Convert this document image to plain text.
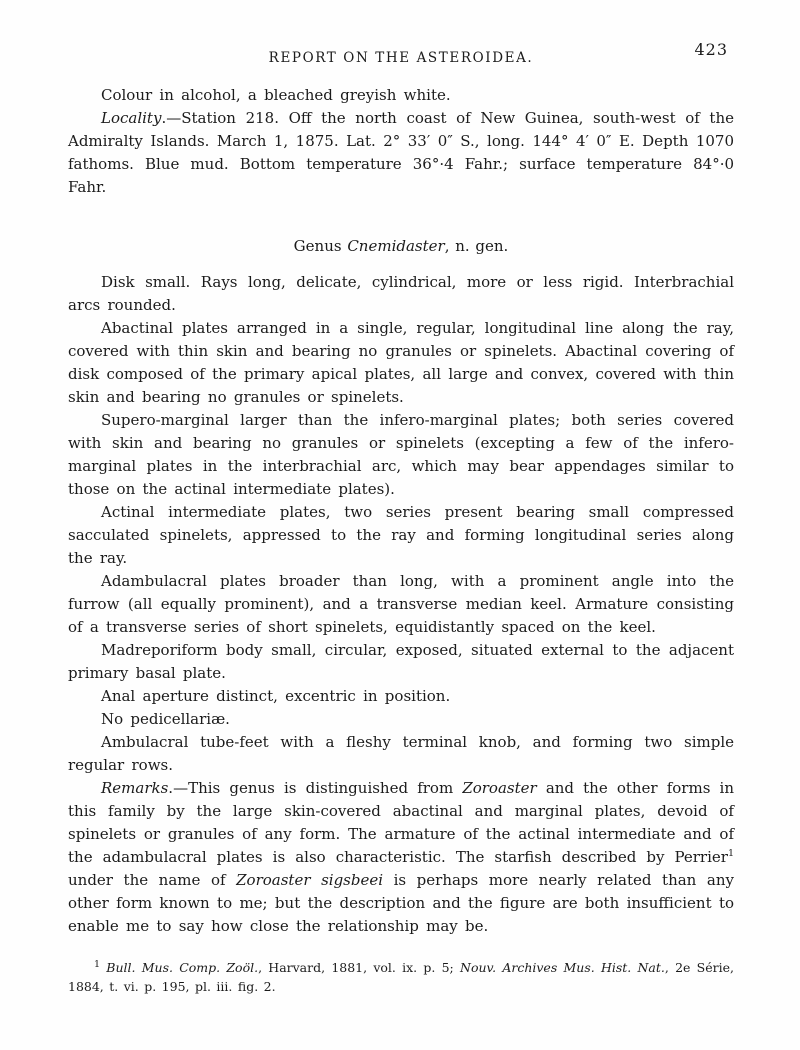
REPORT ON THE ASTEROIDEA.	423

Colour in alcohol, a bleached greyish white.

Locality.—Station 218. Off the north coast of New Guinea, south-west of the Admiralty Islands. March 1, 1875. Lat. 2° 33′ 0″ S., long. 144° 4′ 0″ E. Depth 1070 fathoms. Blue mud. Bottom temperature 36°·4 Fahr.; surface temperature 84°·0 Fahr.

Genus Cnemidaster, n. gen.

Disk small. Rays long, delicate, cylindrical, more or less rigid. Interbrachial arcs rounded.

Abactinal plates arranged in a single, regular, longitudinal line along the ray, covered with thin skin and bearing no granules or spinelets. Abactinal covering of disk composed of the primary apical plates, all large and convex, covered with thin skin and bearing no granules or spinelets.

Supero-marginal larger than the infero-marginal plates; both series covered with skin and bearing no granules or spinelets (excepting a few of the infero-marginal plates in the interbrachial arc, which may bear appendages similar to those on the actinal intermediate plates).

Actinal intermediate plates, two series present bearing small compressed sacculated spinelets, appressed to the ray and forming longitudinal series along the ray.

Adambulacral plates broader than long, with a prominent angle into the furrow (all equally prominent), and a transverse median keel. Armature consisting of a transverse series of short spinelets, equidistantly spaced on the keel.

Madreporiform body small, circular, exposed, situated external to the adjacent primary basal plate.

Anal aperture distinct, excentric in position.

No pedicellariæ.

Ambulacral tube-feet with a fleshy terminal knob, and forming two simple regular rows.

Remarks.—This genus is distinguished from Zoroaster and the other forms in this family by the large skin-covered abactinal and marginal plates, devoid of spinelets or granules of any form. The armature of the actinal intermediate and of the adambulacral plates is also characteristic. The starfish described by Perrier$^1$ under the name of Zoroaster sigsbeei is perhaps more nearly related than any other form known to me; but the description and the figure are both insufficient to enable me to say how close the relationship may be.

$^1$ Bull. Mus. Comp. Zoöl., Harvard, 1881, vol. ix. p. 5; Nouv. Archives Mus. Hist. Nat., 2e Série, 1884, t. vi. p. 195, pl. iii. fig. 2.
